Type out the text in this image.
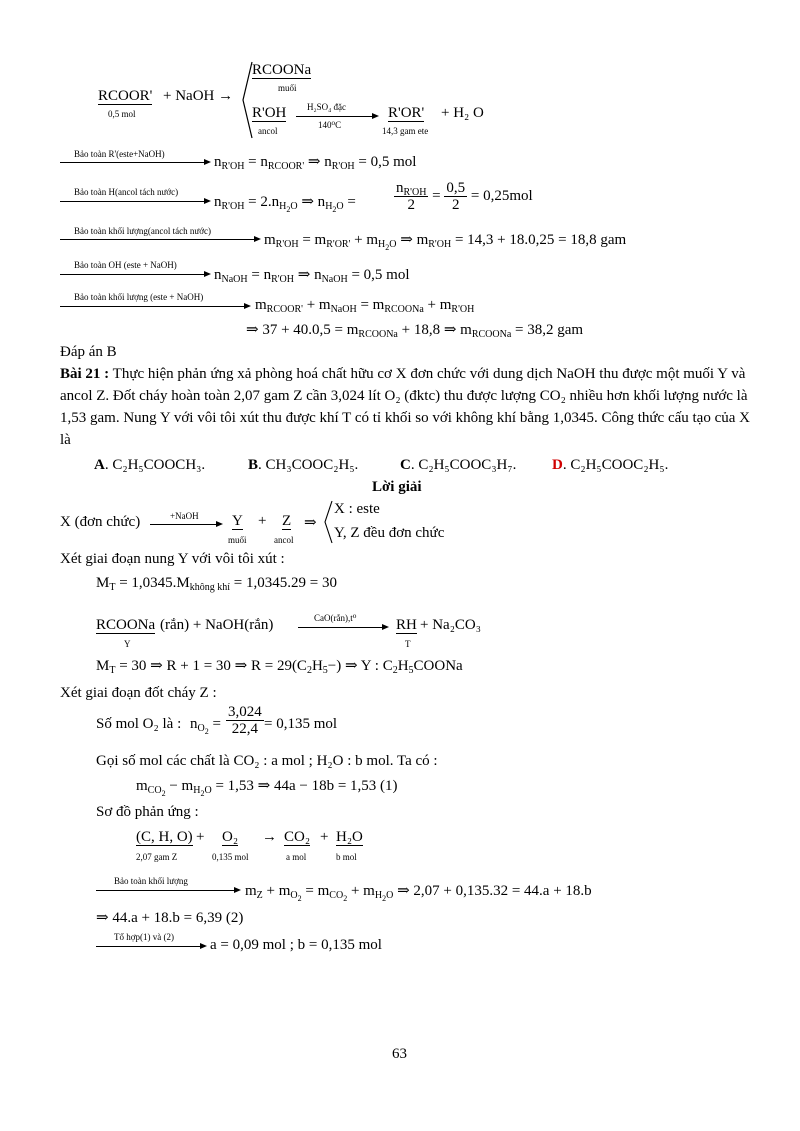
RCOOR'
0,5 mol
+ NaOH →
RCOONa
muối
R'OH
ancol
H₂SO₄ đặc
140⁰C
R'OR'
14,3 gam ete
+ H₂ O
Bảo toàn R'(este+NaOH)	$n_{R'OH} = n_{RCOOR'}$ ⇒ $n_{R'OH} = 0,5$ mol
Bảo toàn H(ancol tách nước)
$n_{R'OH} = 2.n_{H_2O}$ ⇒ $n_{H_2O}$ =	$\frac{n_{R'OH}}{2} = \frac{0,5}{2} = 0,25mol$
Bảo toàn khối lượng(ancol tách nước)
$m_{R'OH} = m_{R'OR'} + m_{H_2O}$ ⇒ $m_{R'OH} = 14,3 + 18.0,25 = 18,8$ gam
Bảo toàn OH (este + NaOH)
$n_{NaOH} = n_{R'OH}$ ⇒ $n_{NaOH} = 0,5$ mol
Bảo toàn khối lượng (este + NaOH)	$m_{RCOOR'} + m_{NaOH} = m_{RCOONa} + m_{R'OH}$
⇒ $37 + 40.0,5 = m_{RCOONa} + 18,8$ ⇒ $m_{RCOONa} = 38,2$ gam
Đáp án B
Bài 21 : Thực hiện phản ứng xả phòng hoá chất hữu cơ X đơn chức với dung dịch NaOH thu được một muối Y và ancol Z. Đốt cháy hoàn toàn 2,07 gam Z cần 3,024 lít O₂ (đktc) thu được lượng CO₂ nhiều hơn khối lượng nước là 1,53 gam. Nung Y với vôi tôi xút thu được khí T có tỉ khối so với không khí bằng 1,0345. Công thức cấu tạo của X là
A. C₂H₅COOCH₃.	B. CH₃COOC₂H₅.	C. C₂H₅COOC₃H₇. D. C₂H₅COOC₂H₅.
Lời giải
X (đơn chức)	+NaOH Y
muối
+ Z
ancol
⇒
X : este
Y, Z đều đơn chức
Xét giai đoạn nung Y với vôi tôi xút :
$M_T = 1,0345.M_{không khí} = 1,0345.29 = 30$
RCOONa
Y
(rắn) + NaOH(rắn)	CaO(rắn),t⁰	RH
T
+ Na₂CO₃
$M_T = 30$ ⇒ R + 1 = 30 ⇒ $R = 29(C_2H_5-)$ ⇒ Y : $C_2H_5COONa$
Xét giai đoạn đốt cháy Z :
Số mol O₂ là : $n_{O_2} = \frac{3,024}{22,4} = 0,135$ mol
Gọi số mol các chất là CO₂ : a mol ; H₂O : b mol. Ta có :
$m_{CO_2} - m_{H_2O} = 1,53$ ⇒ 44a − 18b = 1,53 (1)
Sơ đồ phản ứng :
(C, H, O)
2,07 gam Z
+ O₂
0,135 mol
→ CO₂
a mol
+ H₂O
b mol
Bảo toàn khối lượng
$m_Z + m_{O_2} = m_{CO_2} + m_{H_2O}$ ⇒ 2,07 + 0,135.32 = 44.a + 18.b
⇒ 44.a + 18.b = 6,39 (2)
Tổ hợp(1) và (2) a = 0,09 mol ; b = 0,135 mol
63
